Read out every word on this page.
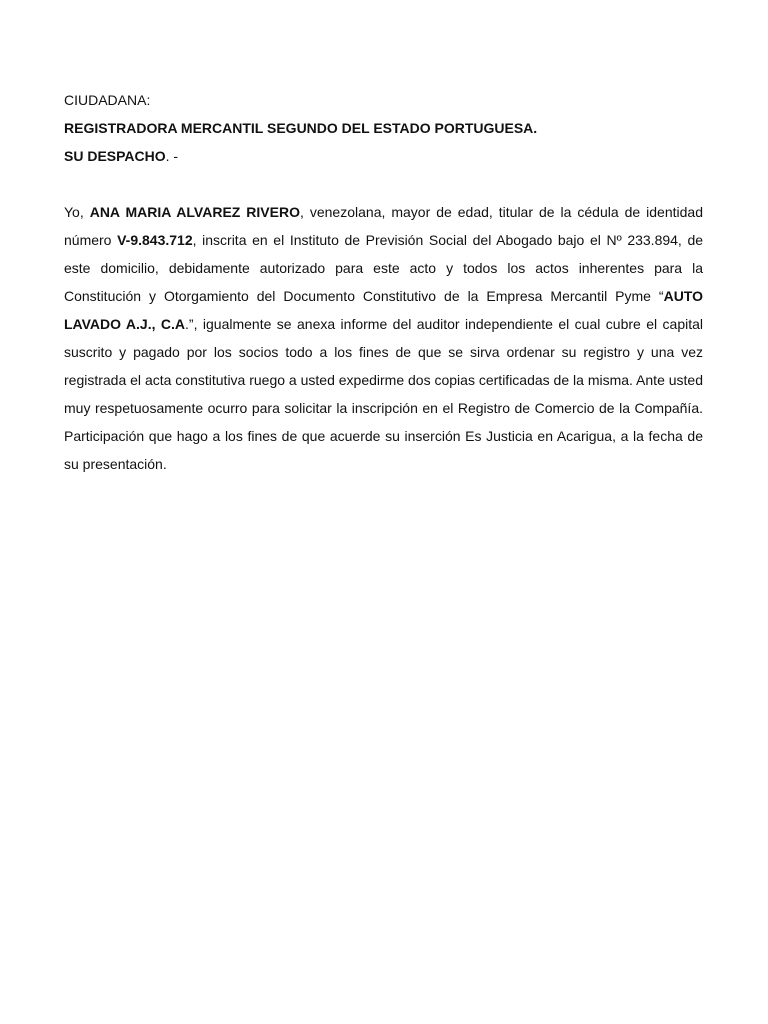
CIUDADANA:

REGISTRADORA MERCANTIL SEGUNDO DEL ESTADO PORTUGUESA.

SU DESPACHO. -

Yo, ANA MARIA ALVAREZ RIVERO, venezolana, mayor de edad, titular de la cédula de identidad número V-9.843.712, inscrita en el Instituto de Previsión Social del Abogado bajo el Nº 233.894, de este domicilio, debidamente autorizado para este acto y todos los actos inherentes para la Constitución y Otorgamiento del Documento Constitutivo de la Empresa Mercantil Pyme “AUTO LAVADO A.J., C.A.”, igualmente se anexa informe del auditor independiente el cual cubre el capital suscrito y pagado por los socios todo a los fines de que se sirva ordenar su registro y una vez registrada el acta constitutiva ruego a usted expedirme dos copias certificadas de la misma. Ante usted muy respetuosamente ocurro para solicitar la inscripción en el Registro de Comercio de la Compañía. Participación que hago a los fines de que acuerde su inserción Es Justicia en Acarigua, a la fecha de su presentación.
